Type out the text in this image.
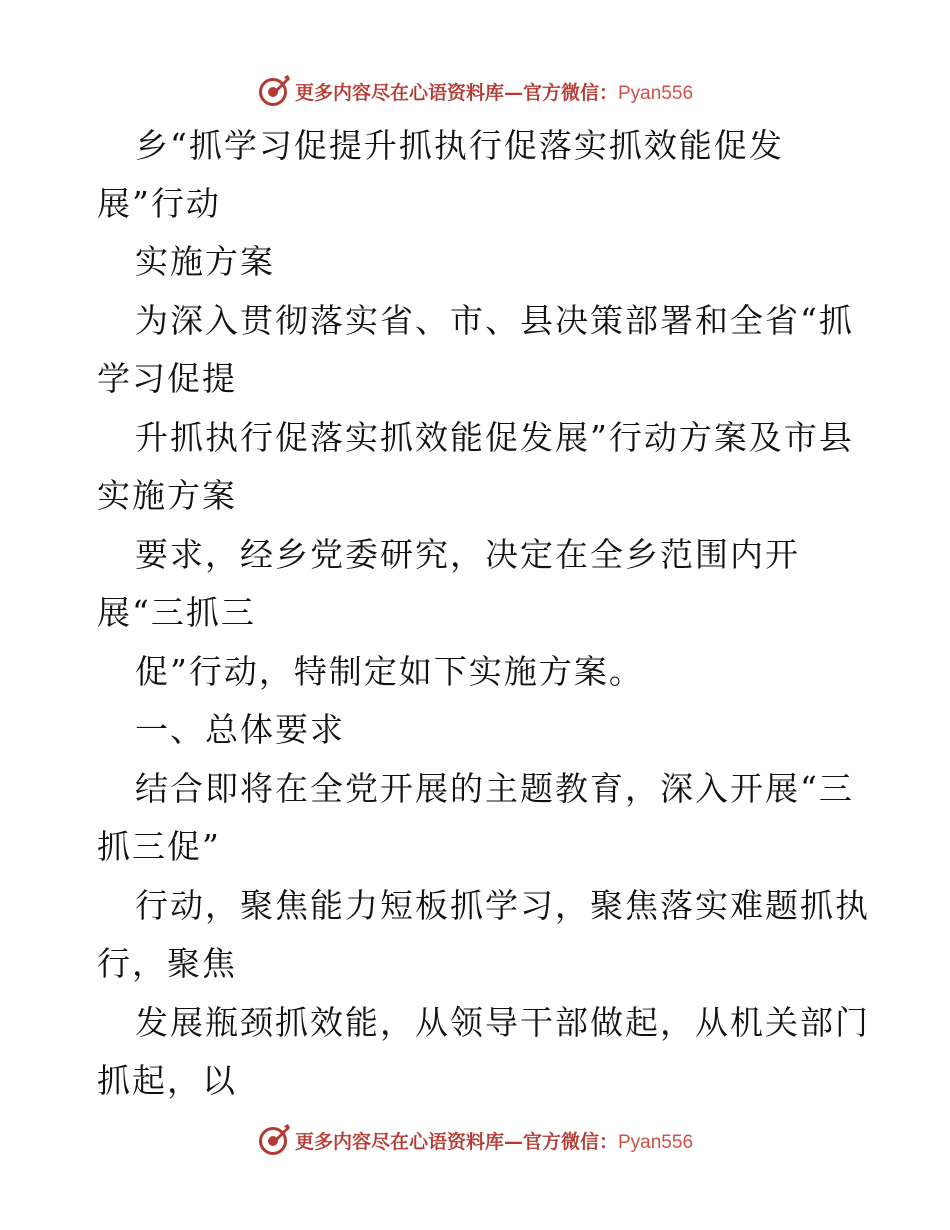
更多内容尽在心语资料库—官方微信：Pyan556
乡“抓学习促提升抓执行促落实抓效能促发
展”行动
实施方案
为深入贯彻落实省、市、县决策部署和全省“抓
学习促提
升抓执行促落实抓效能促发展”行动方案及市县
实施方案
要求，经乡党委研究，决定在全乡范围内开
展“三抓三
促”行动，特制定如下实施方案。
一、总体要求
结合即将在全党开展的主题教育，深入开展“三
抓三促”
行动，聚焦能力短板抓学习，聚焦落实难题抓执
行，聚焦
发展瓶颈抓效能，从领导干部做起，从机关部门
抓起，以
更多内容尽在心语资料库—官方微信：Pyan556
